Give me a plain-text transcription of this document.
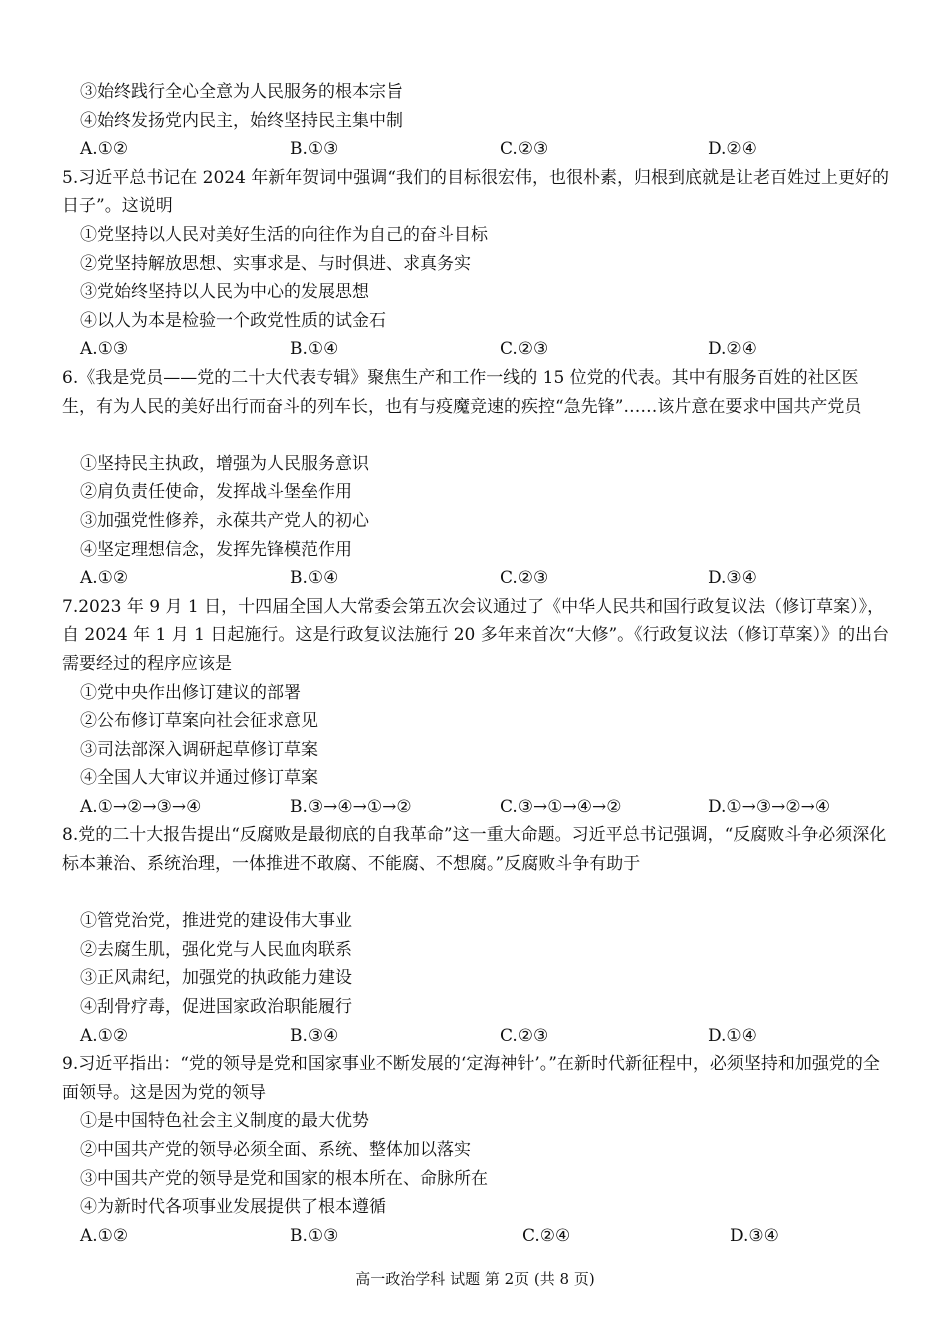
③始终践行全心全意为人民服务的根本宗旨
④始终发扬党内民主，始终坚持民主集中制
A.①②	B.①③	C.②③	D.②④
5.习近平总书记在 2024 年新年贺词中强调“我们的目标很宏伟，也很朴素，归根到底就是让老百姓过上更好的日子”。这说明
①党坚持以人民对美好生活的向往作为自己的奋斗目标
②党坚持解放思想、实事求是、与时俱进、求真务实
③党始终坚持以人民为中心的发展思想
④以人为本是检验一个政党性质的试金石
A.①③	B.①④	C.②③	D.②④
6.《我是党员——党的二十大代表专辑》聚焦生产和工作一线的 15 位党的代表。其中有服务百姓的社区医生，有为人民的美好出行而奋斗的列车长，也有与疫魔竞速的疾控“急先锋”……该片意在要求中国共产党员
①坚持民主执政，增强为人民服务意识
②肩负责任使命，发挥战斗堡垒作用
③加强党性修养，永葆共产党人的初心
④坚定理想信念，发挥先锋模范作用
A.①②	B.①④	C.②③	D.③④
7.2023 年 9 月 1 日，十四届全国人大常委会第五次会议通过了《中华人民共和国行政复议法（修订草案）》，自 2024 年 1 月 1 日起施行。这是行政复议法施行 20 多年来首次“大修”。《行政复议法（修订草案）》的出台需要经过的程序应该是
①党中央作出修订建议的部署
②公布修订草案向社会征求意见
③司法部深入调研起草修订草案
④全国人大审议并通过修订草案
A.①→②→③→④	B.③→④→①→②	C.③→①→④→②	D.①→③→②→④
8.党的二十大报告提出“反腐败是最彻底的自我革命”这一重大命题。习近平总书记强调，“反腐败斗争必须深化标本兼治、系统治理，一体推进不敢腐、不能腐、不想腐。”反腐败斗争有助于
①管党治党，推进党的建设伟大事业
②去腐生肌，强化党与人民血肉联系
③正风肃纪，加强党的执政能力建设
④刮骨疗毒，促进国家政治职能履行
A.①②	B.③④	C.②③	D.①④
9.习近平指出：“党的领导是党和国家事业不断发展的‘定海神针’。”在新时代新征程中，必须坚持和加强党的全面领导。这是因为党的领导
①是中国特色社会主义制度的最大优势
②中国共产党的领导必须全面、系统、整体加以落实
③中国共产党的领导是党和国家的根本所在、命脉所在
④为新时代各项事业发展提供了根本遵循
A.①②	B.①③	C.②④	D.③④
高一政治学科 试题 第 2页 (共 8 页)
